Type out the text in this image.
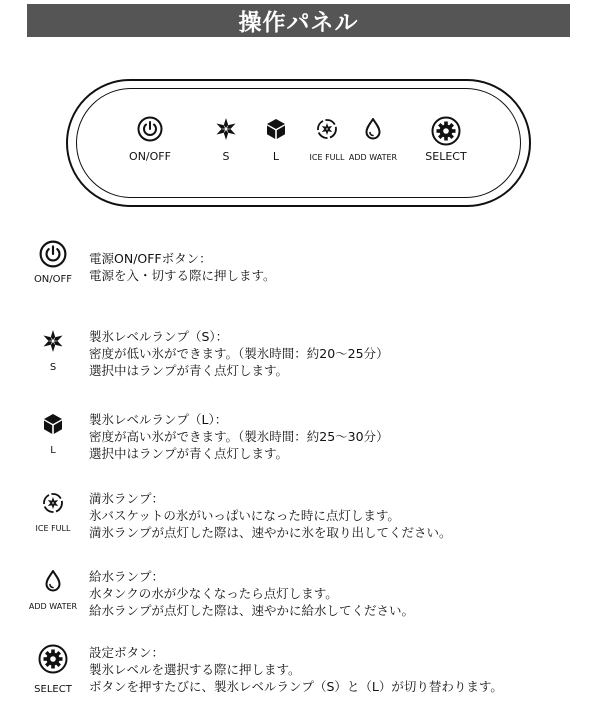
操作パネル
ON/OFF	S	L	ICE FULL ADD WATER	SELECT
ON/OFF
電源ON/OFFボタン：
電源を入・切する際に押します。
S
製氷レベルランプ（S）：
密度が低い氷ができます。（製氷時間：約20〜25分）
選択中はランプが青く点灯します。
L
製氷レベルランプ（L）：
密度が高い氷ができます。（製氷時間：約25〜30分）
選択中はランプが青く点灯します。
ICE FULL
満氷ランプ：
氷バスケットの氷がいっぱいになった時に点灯します。
満氷ランプが点灯した際は、速やかに氷を取り出してください。
ADD WATER
給水ランプ：
水タンクの水が少なくなったら点灯します。
給水ランプが点灯した際は、速やかに給水してください。
SELECT
設定ボタン：
製氷レベルを選択する際に押します。
ボタンを押すたびに、製氷レベルランプ（S）と（L）が切り替わります。
